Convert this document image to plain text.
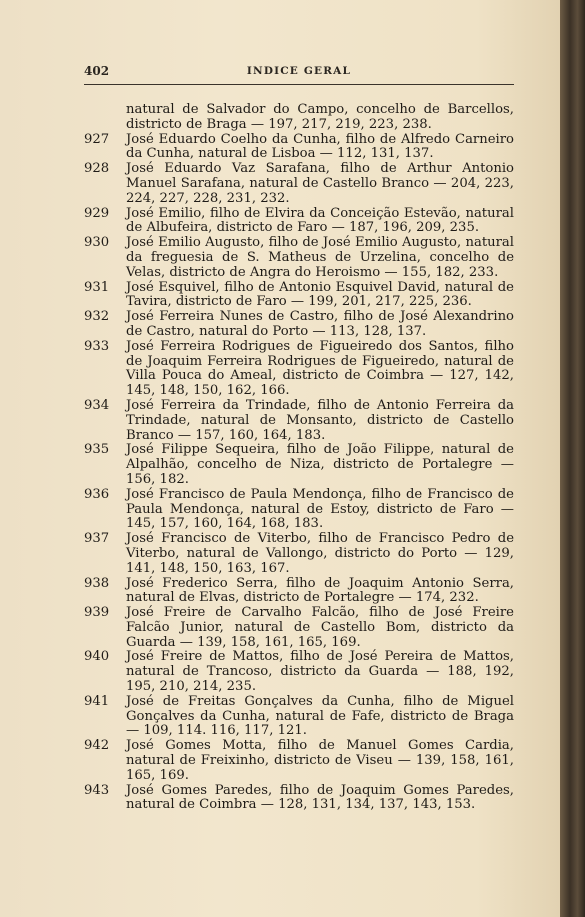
402	INDICE GERAL
natural de Salvador do Campo, concelho de Barcellos, districto de Braga — 197, 217, 219, 223, 238.
927 José Eduardo Coelho da Cunha, filho de Alfredo Carneiro da Cunha, natural de Lisboa — 112, 131, 137.
928 José Eduardo Vaz Sarafana, filho de Arthur Antonio Manuel Sarafana, natural de Castello Branco — 204, 223, 224, 227, 228, 231, 232.
929 José Emilio, filho de Elvira da Conceição Estevão, natural de Albufeira, districto de Faro — 187, 196, 209, 235.
930 José Emilio Augusto, filho de José Emilio Augusto, natural da freguesia de S. Matheus de Urzelina, concelho de Velas, districto de Angra do Heroismo — 155, 182, 233.
931 José Esquivel, filho de Antonio Esquivel David, natural de Tavira, districto de Faro — 199, 201, 217, 225, 236.
932 José Ferreira Nunes de Castro, filho de José Alexandrino de Castro, natural do Porto — 113, 128, 137.
933 José Ferreira Rodrigues de Figueiredo dos Santos, filho de Joaquim Ferreira Rodrigues de Figueiredo, natural de Villa Pouca do Ameal, districto de Coimbra — 127, 142, 145, 148, 150, 162, 166.
934 José Ferreira da Trindade, filho de Antonio Ferreira da Trindade, natural de Monsanto, districto de Castello Branco — 157, 160, 164, 183.
935 José Filippe Sequeira, filho de João Filippe, natural de Alpalhão, concelho de Niza, districto de Portalegre — 156, 182.
936 José Francisco de Paula Mendonça, filho de Francisco de Paula Mendonça, natural de Estoy, districto de Faro — 145, 157, 160, 164, 168, 183.
937 José Francisco de Viterbo, filho de Francisco Pedro de Viterbo, natural de Vallongo, districto do Porto — 129, 141, 148, 150, 163, 167.
938 José Frederico Serra, filho de Joaquim Antonio Serra, natural de Elvas, districto de Portalegre — 174, 232.
939 José Freire de Carvalho Falcão, filho de José Freire Falcão Junior, natural de Castello Bom, districto da Guarda — 139, 158, 161, 165, 169.
940 José Freire de Mattos, filho de José Pereira de Mattos, natural de Trancoso, districto da Guarda — 188, 192, 195, 210, 214, 235.
941 José de Freitas Gonçalves da Cunha, filho de Miguel Gonçalves da Cunha, natural de Fafe, districto de Braga — 109, 114. 116, 117, 121.
942 José Gomes Motta, filho de Manuel Gomes Cardia, natural de Freixinho, districto de Viseu — 139, 158, 161, 165, 169.
943 José Gomes Paredes, filho de Joaquim Gomes Paredes, natural de Coimbra — 128, 131, 134, 137, 143, 153.
